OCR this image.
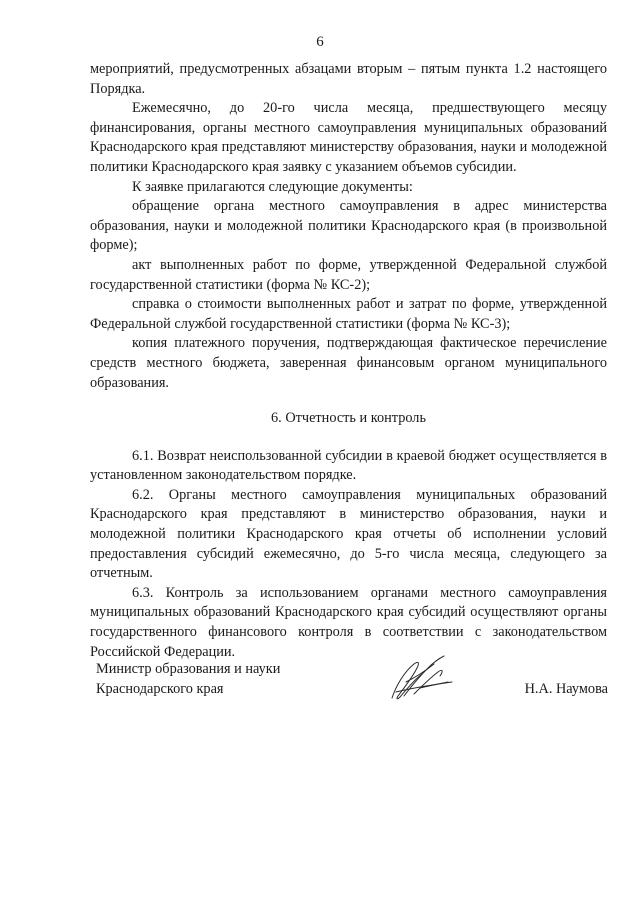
6

мероприятий, предусмотренных абзацами вторым – пятым пункта 1.2 настоящего Порядка.

Ежемесячно, до 20-го числа месяца, предшествующего месяцу финансирования, органы местного самоуправления муниципальных образований Краснодарского края представляют министерству образования, науки и молодежной политики Краснодарского края заявку с указанием объемов субсидии.

К заявке прилагаются следующие документы:

обращение органа местного самоуправления в адрес министерства образования, науки и молодежной политики Краснодарского края (в произвольной форме);

акт выполненных работ по форме, утвержденной Федеральной службой государственной статистики (форма № КС-2);

справка о стоимости выполненных работ и затрат по форме, утвержденной Федеральной службой государственной статистики (форма № КС-3);

копия платежного поручения, подтверждающая фактическое перечисление средств местного бюджета, заверенная финансовым органом муниципального образования.

6. Отчетность и контроль

6.1. Возврат неиспользованной субсидии в краевой бюджет осуществляется в установленном законодательством порядке.

6.2. Органы местного самоуправления муниципальных образований Краснодарского края представляют в министерство образования, науки и молодежной политики Краснодарского края отчеты об исполнении условий предоставления субсидий ежемесячно, до 5-го числа месяца, следующего за отчетным.

6.3. Контроль за использованием органами местного самоуправления муниципальных образований Краснодарского края субсидий осуществляют органы государственного финансового контроля в соответствии с законодательством Российской Федерации.

Министр образования и науки
Краснодарского края	Н.А. Наумова
